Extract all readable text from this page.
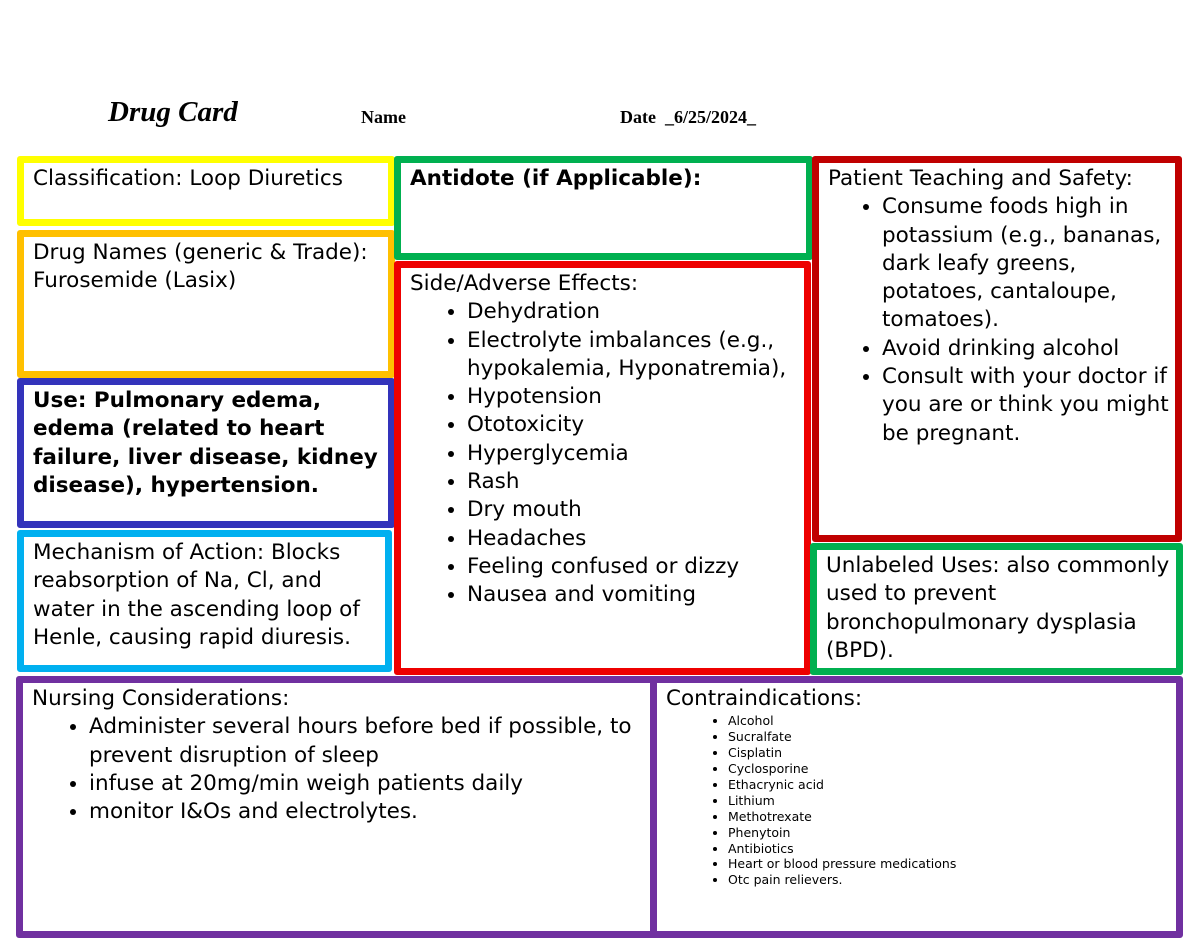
Drug Card	Name	Date _6/25/2024_
Classification: Loop Diuretics
Drug Names (generic & Trade): Furosemide (Lasix)
Use: Pulmonary edema, edema (related to heart failure, liver disease, kidney disease), hypertension.
Mechanism of Action: Blocks reabsorption of Na, Cl, and water in the ascending loop of Henle, causing rapid diuresis.
Antidote (if Applicable):
Side/Adverse Effects:
• Dehydration
• Electrolyte imbalances (e.g., hypokalemia, Hyponatremia),
• Hypotension
• Ototoxicity
• Hyperglycemia
• Rash
• Dry mouth
• Headaches
• Feeling confused or dizzy
• Nausea and vomiting
Patient Teaching and Safety:
• Consume foods high in potassium (e.g., bananas, dark leafy greens, potatoes, cantaloupe, tomatoes).
• Avoid drinking alcohol
• Consult with your doctor if you are or think you might be pregnant.
Unlabeled Uses: also commonly used to prevent bronchopulmonary dysplasia (BPD).
Nursing Considerations:
• Administer several hours before bed if possible, to prevent disruption of sleep
• infuse at 20mg/min weigh patients daily
• monitor I&Os and electrolytes.
Contraindications:
• Alcohol
• Sucralfate
• Cisplatin
• Cyclosporine
• Ethacrynic acid
• Lithium
• Methotrexate
• Phenytoin
• Antibiotics
• Heart or blood pressure medications
• Otc pain relievers.
